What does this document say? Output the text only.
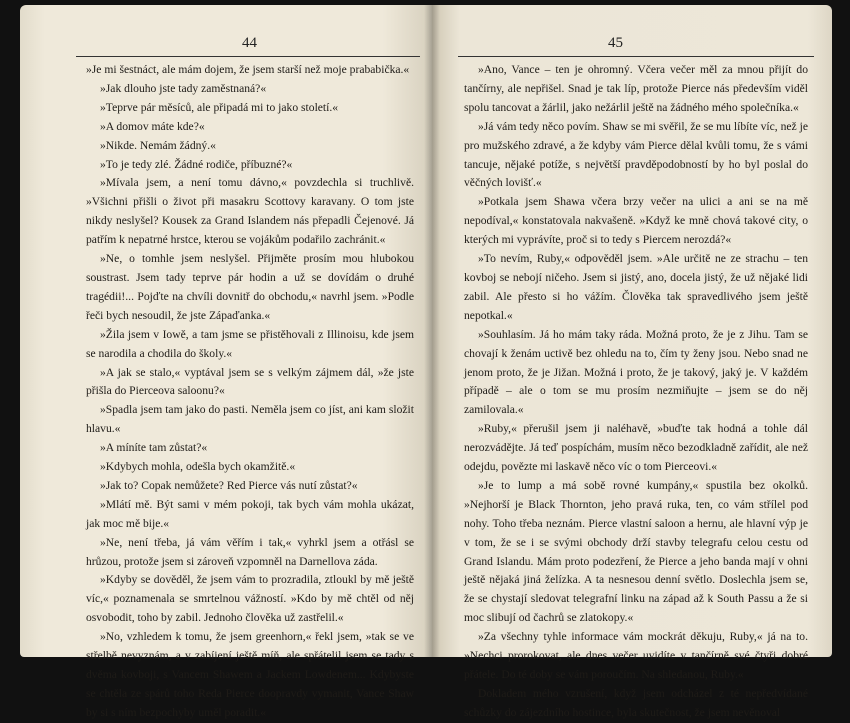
44

»Je mi šestnáct, ale mám dojem, že jsem starší než moje prababička.«

»Jak dlouho jste tady zaměstnaná?«

»Teprve pár měsíců, ale připadá mi to jako století.«

»A domov máte kde?«

»Nikde. Nemám žádný.«

»To je tedy zlé. Žádné rodiče, příbuzné?«

»Mívala jsem, a není tomu dávno,« povzdechla si truchlivě. »Všichni přišli o život při masakru Scottovy karavany. O tom jste nikdy neslyšel? Kousek za Grand Islandem nás přepadli Čejenové. Já patřím k nepatrné hrstce, kterou se vojákům podařilo zachránit.«

»Ne, o tomhle jsem neslyšel. Přijměte prosím mou hlubokou soustrast. Jsem tady teprve pár hodin a už se dovídám o druhé tragédii!... Pojďte na chvíli dovnitř do obchodu,« navrhl jsem. »Podle řeči bych nesoudil, že jste Zápaďanka.«

»Žila jsem v Iowě, a tam jsme se přistěhovali z Illinoisu, kde jsem se narodila a chodila do školy.«

»A jak se stalo,« vyptával jsem se s velkým zájmem dál, »že jste přišla do Pierceova saloonu?«

»Spadla jsem tam jako do pasti. Neměla jsem co jíst, ani kam složit hlavu.«

»A míníte tam zůstat?«

»Kdybych mohla, odešla bych okamžitě.«

»Jak to? Copak nemůžete? Red Pierce vás nutí zůstat?«

»Mlátí mě. Být sami v mém pokoji, tak bych vám mohla ukázat, jak moc mě bije.«

»Ne, není třeba, já vám věřím i tak,« vyhrkl jsem a otřásl se hrůzou, protože jsem si zároveň vzpomněl na Darnellova záda.

»Kdyby se dověděl, že jsem vám to prozradila, ztloukl by mě ještě víc,« poznamenala se smrtelnou vážností. »Kdo by mě chtěl od něj osvobodit, toho by zabil. Jednoho člověka už zastřelil.«

»No, vzhledem k tomu, že jsem greenhorn,« řekl jsem, »tak se ve střelbě nevyznám, a v zabíjení ještě míň, ale spřátelil jsem se tady s dvěma kovboji, s Vancem Shawem a Jackem Lowdenem... Kdybyste se chtěla ze spárů toho Reda Pierce doopravdy vymanit, Vance Shaw by si s ním bezpochyby uměl poradit.«

45

»Ano, Vance – ten je ohromný. Včera večer měl za mnou přijít do tančírny, ale nepřišel. Snad je tak líp, protože Pierce nás především viděl spolu tancovat a žárlil, jako nežárlil ještě na žádného mého společníka.«

»Já vám tedy něco povím. Shaw se mi svěřil, že se mu líbíte víc, než je pro mužského zdravé, a že kdyby vám Pierce dělal kvůli tomu, že s vámi tancuje, nějaké potíže, s největší pravděpodobností by ho byl poslal do věčných lovišť.«

»Potkala jsem Shawa včera brzy večer na ulici a ani se na mě nepodíval,« konstatovala nakvašeně. »Když ke mně chová takové city, o kterých mi vyprávíte, proč si to tedy s Piercem nerozdá?«

»To nevím, Ruby,« odpověděl jsem. »Ale určitě ne ze strachu – ten kovboj se nebojí ničeho. Jsem si jistý, ano, docela jistý, že už nějaké lidi zabil. Ale přesto si ho vážím. Člověka tak spravedlivého jsem ještě nepotkal.«

»Souhlasím. Já ho mám taky ráda. Možná proto, že je z Jihu. Tam se chovají k ženám uctivě bez ohledu na to, čím ty ženy jsou. Nebo snad ne jenom proto, že je Jižan. Možná i proto, že je takový, jaký je. V každém případě – ale o tom se mu prosím nezmiňujte – jsem se do něj zamilovala.«

»Ruby,« přerušil jsem ji naléhavě, »buďte tak hodná a tohle dál nerozvádějte. Já teď pospíchám, musím něco bezodkladně zařídit, ale než odejdu, povězte mi laskavě něco víc o tom Pierceovi.«

»Je to lump a má sobě rovné kumpány,« spustila bez okolků. »Nejhorší je Black Thornton, jeho pravá ruka, ten, co vám střílel pod nohy. Toho třeba neznám. Pierce vlastní saloon a hernu, ale hlavní výp je v tom, že se i se svými obchody drží stavby telegrafu celou cestu od Grand Islandu. Mám proto podezření, že Pierce a jeho banda mají v ohni ještě nějaká jiná želízka. A ta nesnesou denní světlo. Doslechla jsem se, že se chystají sledovat telegrafní linku na západ až k South Passu a že si moc slibují od čachrů se zlatokopy.«

»Za všechny tyhle informace vám mockrát děkuju, Ruby,« já na to. »Nechci prorokovat, ale dnes večer uvidíte v tančírně své čtyři dobré přátele. Do té doby se vám poroučím. Na shledanou, Ruby.«

Dokladem mého vzrušení, když jsem odcházel z té nepředvídané schůzky do zájezdního hostince, byla skutečnost, že jsem nevěnoval
